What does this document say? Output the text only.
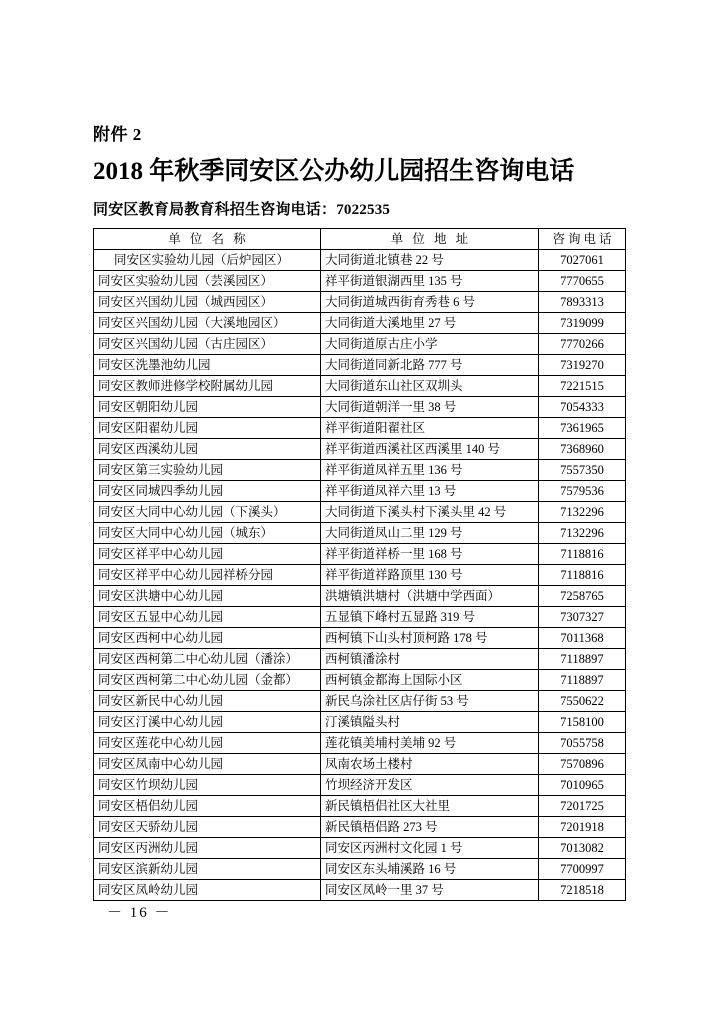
附件 2
2018 年秋季同安区公办幼儿园招生咨询电话
同安区教育局教育科招生咨询电话：7022535
单 位 名 称	单 位 地 址	咨询电话
同安区实验幼儿园（后炉园区）	大同街道北镇巷 22 号	7027061
同安区实验幼儿园（芸溪园区）	祥平街道银湖西里 135 号	7770655
同安区兴国幼儿园（城西园区）	大同街道城西街育秀巷 6 号	7893313
同安区兴国幼儿园（大溪地园区）	大同街道大溪地里 27 号	7319099
同安区兴国幼儿园（古庄园区）	大同街道原古庄小学	7770266
同安区洗墨池幼儿园	大同街道同新北路 777 号	7319270
同安区教师进修学校附属幼儿园	大同街道东山社区双圳头	7221515
同安区朝阳幼儿园	大同街道朝洋一里 38 号	7054333
同安区阳翟幼儿园	祥平街道阳翟社区	7361965
同安区西溪幼儿园	祥平街道西溪社区西溪里 140 号	7368960
同安区第三实验幼儿园	祥平街道凤祥五里 136 号	7557350
同安区同城四季幼儿园	祥平街道凤祥六里 13 号	7579536
同安区大同中心幼儿园（下溪头）	大同街道下溪头村下溪头里 42 号	7132296
同安区大同中心幼儿园（城东）	大同街道凤山二里 129 号	7132296
同安区祥平中心幼儿园	祥平街道祥桥一里 168 号	7118816
同安区祥平中心幼儿园祥桥分园	祥平街道祥路顶里 130 号	7118816
同安区洪塘中心幼儿园	洪塘镇洪塘村（洪塘中学西面）	7258765
同安区五显中心幼儿园	五显镇下峰村五显路 319 号	7307327
同安区西柯中心幼儿园	西柯镇下山头村顶柯路 178 号	7011368
同安区西柯第二中心幼儿园（潘涂）	西柯镇潘涂村	7118897
同安区西柯第二中心幼儿园（金都）	西柯镇金都海上国际小区	7118897
同安区新民中心幼儿园	新民乌涂社区店仔街 53 号	7550622
同安区汀溪中心幼儿园	汀溪镇隘头村	7158100
同安区莲花中心幼儿园	莲花镇美埔村美埔 92 号	7055758
同安区凤南中心幼儿园	凤南农场土楼村	7570896
同安区竹坝幼儿园	竹坝经济开发区	7010965
同安区梧侣幼儿园	新民镇梧侣社区大社里	7201725
同安区天骄幼儿园	新民镇梧侣路 273 号	7201918
同安区丙洲幼儿园	同安区丙洲村文化园 1 号	7013082
同安区滨新幼儿园	同安区东头埔溪路 16 号	7700997
同安区凤岭幼儿园	同安区凤岭一里 37 号	7218518
－ 16 －
